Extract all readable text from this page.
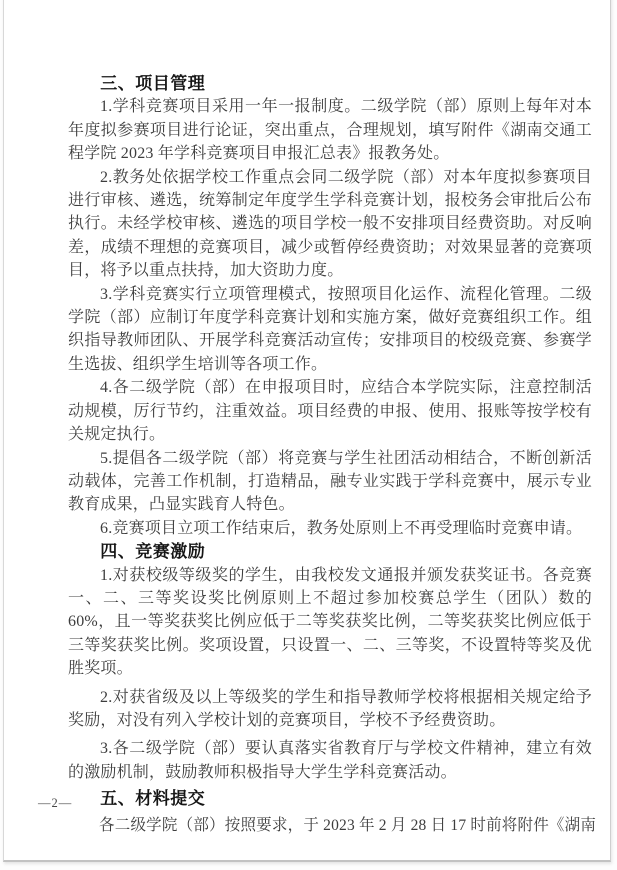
三、项目管理

1.学科竞赛项目采用一年一报制度。二级学院（部）原则上每年对本年度拟参赛项目进行论证，突出重点，合理规划，填写附件《湖南交通工程学院 2023 年学科竞赛项目申报汇总表》报教务处。

2.教务处依据学校工作重点会同二级学院（部）对本年度拟参赛项目进行审核、遴选，统筹制定年度学生学科竞赛计划，报校务会审批后公布执行。未经学校审核、遴选的项目学校一般不安排项目经费资助。对反响差，成绩不理想的竞赛项目，减少或暂停经费资助；对效果显著的竞赛项目，将予以重点扶持，加大资助力度。

3.学科竞赛实行立项管理模式，按照项目化运作、流程化管理。二级学院（部）应制订年度学科竞赛计划和实施方案，做好竞赛组织工作。组织指导教师团队、开展学科竞赛活动宣传；安排项目的校级竞赛、参赛学生选拔、组织学生培训等各项工作。

4.各二级学院（部）在申报项目时，应结合本学院实际，注意控制活动规模，厉行节约，注重效益。项目经费的申报、使用、报账等按学校有关规定执行。

5.提倡各二级学院（部）将竞赛与学生社团活动相结合，不断创新活动载体，完善工作机制，打造精品，融专业实践于学科竞赛中，展示专业教育成果，凸显实践育人特色。

6.竞赛项目立项工作结束后，教务处原则上不再受理临时竞赛申请。

四、竞赛激励

1.对获校级等级奖的学生，由我校发文通报并颁发获奖证书。各竞赛一、二、三等奖设奖比例原则上不超过参加校赛总学生（团队）数的 60%，且一等奖获奖比例应低于二等奖获奖比例，二等奖获奖比例应低于三等奖获奖比例。奖项设置，只设置一、二、三等奖，不设置特等奖及优胜奖项。

2.对获省级及以上等级奖的学生和指导教师学校将根据相关规定给予奖励，对没有列入学校计划的竞赛项目，学校不予经费资助。

3.各二级学院（部）要认真落实省教育厅与学校文件精神，建立有效的激励机制，鼓励教师积极指导大学生学科竞赛活动。

五、材料提交

各二级学院（部）按照要求，于 2023 年 2 月 28 日 17 时前将附件《湖南

—2—
